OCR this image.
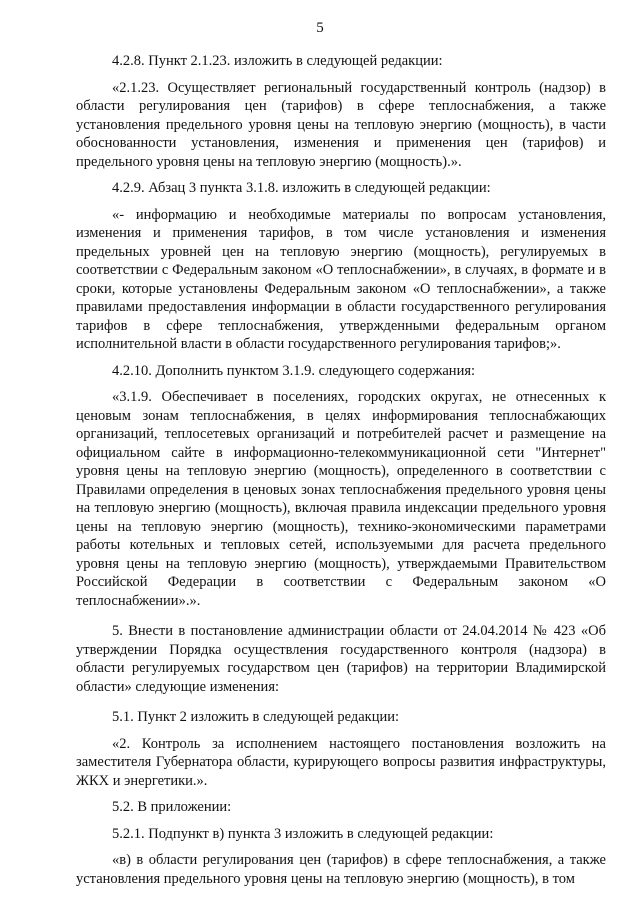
5

4.2.8. Пункт 2.1.23. изложить в следующей редакции:

«2.1.23. Осуществляет региональный государственный контроль (надзор) в области регулирования цен (тарифов) в сфере теплоснабжения, а также установления предельного уровня цены на тепловую энергию (мощность), в части обоснованности установления, изменения и применения цен (тарифов) и предельного уровня цены на тепловую энергию (мощность).».

4.2.9. Абзац 3 пункта 3.1.8. изложить в следующей редакции:

«- информацию и необходимые материалы по вопросам установления, изменения и применения тарифов, в том числе установления и изменения предельных уровней цен на тепловую энергию (мощность), регулируемых в соответствии с Федеральным законом «О теплоснабжении», в случаях, в формате и в сроки, которые установлены Федеральным законом «О теплоснабжении», а также правилами предоставления информации в области государственного регулирования тарифов в сфере теплоснабжения, утвержденными федеральным органом исполнительной власти в области государственного регулирования тарифов;».

4.2.10. Дополнить пунктом 3.1.9. следующего содержания:

«3.1.9. Обеспечивает в поселениях, городских округах, не отнесенных к ценовым зонам теплоснабжения, в целях информирования теплоснабжающих организаций, теплосетевых организаций и потребителей расчет и размещение на официальном сайте в информационно-телекоммуникационной сети "Интернет" уровня цены на тепловую энергию (мощность), определенного в соответствии с Правилами определения в ценовых зонах теплоснабжения предельного уровня цены на тепловую энергию (мощность), включая правила индексации предельного уровня цены на тепловую энергию (мощность), технико-экономическими параметрами работы котельных и тепловых сетей, используемыми для расчета предельного уровня цены на тепловую энергию (мощность), утверждаемыми Правительством Российской Федерации в соответствии с Федеральным законом «О теплоснабжении».».

5. Внести в постановление администрации области от 24.04.2014 № 423 «Об утверждении Порядка осуществления государственного контроля (надзора) в области регулируемых государством цен (тарифов) на территории Владимирской области» следующие изменения:

5.1. Пункт 2 изложить в следующей редакции:

«2. Контроль за исполнением настоящего постановления возложить на заместителя Губернатора области, курирующего вопросы развития инфраструктуры, ЖКХ и энергетики.».

5.2. В приложении:

5.2.1. Подпункт в) пункта 3 изложить в следующей редакции:

«в) в области регулирования цен (тарифов) в сфере теплоснабжения, а также установления предельного уровня цены на тепловую энергию (мощность), в том
